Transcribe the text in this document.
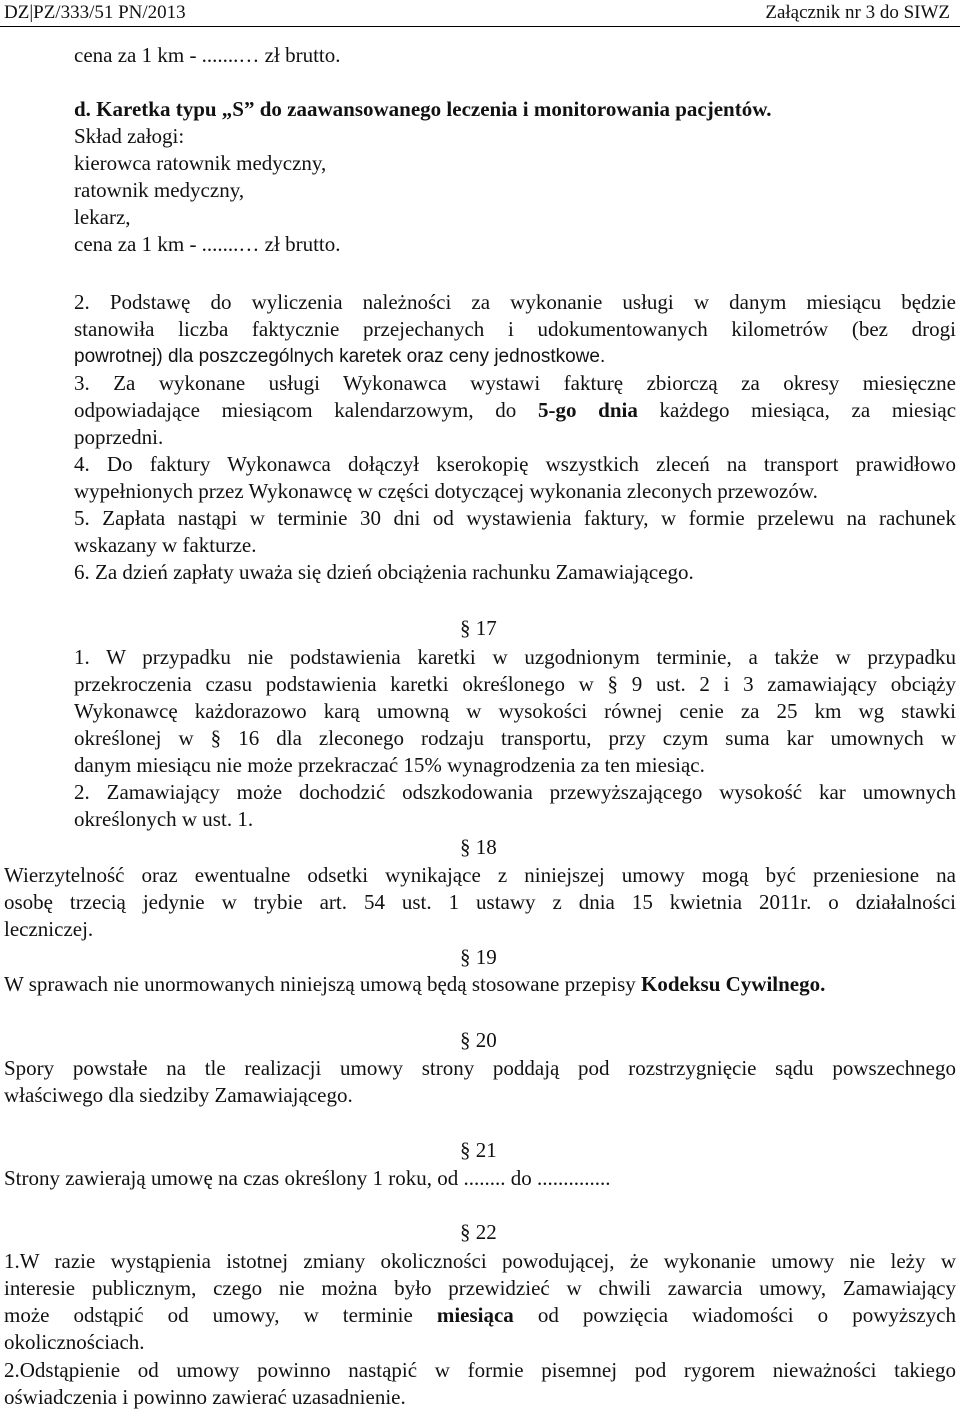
DZ|PZ/333/51 PN/2013	Załącznik nr 3 do SIWZ
cena za 1 km - .......… zł brutto.
d. Karetka typu „S” do zaawansowanego leczenia i monitorowania pacjentów.
Skład załogi:
kierowca ratownik medyczny,
ratownik medyczny,
lekarz,
cena za 1 km - .......… zł brutto.
2. Podstawę do wyliczenia należności za wykonanie usługi w danym miesiącu będzie
stanowiła liczba faktycznie przejechanych i udokumentowanych kilometrów (bez drogi
powrotnej) dla poszczególnych karetek oraz ceny jednostkowe.
3. Za wykonane usługi Wykonawca wystawi fakturę zbiorczą za okresy miesięczne
odpowiadające miesiącom kalendarzowym, do 5-go dnia każdego miesiąca, za miesiąc
poprzedni.
4. Do faktury Wykonawca dołączył kserokopię wszystkich zleceń na transport prawidłowo
wypełnionych przez Wykonawcę w części dotyczącej wykonania zleconych przewozów.
5. Zapłata nastąpi w terminie 30 dni od wystawienia faktury, w formie przelewu na rachunek
wskazany w fakturze.
6. Za dzień zapłaty uważa się dzień obciążenia rachunku Zamawiającego.
§ 17
1. W przypadku nie podstawienia karetki w uzgodnionym terminie, a także w przypadku
przekroczenia czasu podstawienia karetki określonego w § 9 ust. 2 i 3 zamawiający obciąży
Wykonawcę każdorazowo karą umowną w wysokości równej cenie za 25 km wg stawki
określonej w § 16 dla zleconego rodzaju transportu, przy czym suma kar umownych w
danym miesiącu nie może przekraczać 15% wynagrodzenia za ten miesiąc.
2. Zamawiający może dochodzić odszkodowania przewyższającego wysokość kar umownych
określonych w ust. 1.
§ 18
Wierzytelność oraz ewentualne odsetki wynikające z niniejszej umowy mogą być przeniesione na
osobę trzecią jedynie w trybie art. 54 ust. 1 ustawy z dnia 15 kwietnia 2011r. o działalności
leczniczej.
§ 19
W sprawach nie unormowanych niniejszą umową będą stosowane przepisy Kodeksu Cywilnego.
§ 20
Spory powstałe na tle realizacji umowy strony poddają pod rozstrzygnięcie sądu powszechnego
właściwego dla siedziby Zamawiającego.
§ 21
Strony zawierają umowę na czas określony 1 roku, od ........ do ..............
§ 22
1.W razie wystąpienia istotnej zmiany okoliczności powodującej, że wykonanie umowy nie leży w
interesie publicznym, czego nie można było przewidzieć w chwili zawarcia umowy, Zamawiający
może odstąpić od umowy, w terminie miesiąca od powzięcia wiadomości o powyższych
okolicznościach.
2.Odstąpienie od umowy powinno nastąpić w formie pisemnej pod rygorem nieważności takiego
oświadczenia i powinno zawierać uzasadnienie.
